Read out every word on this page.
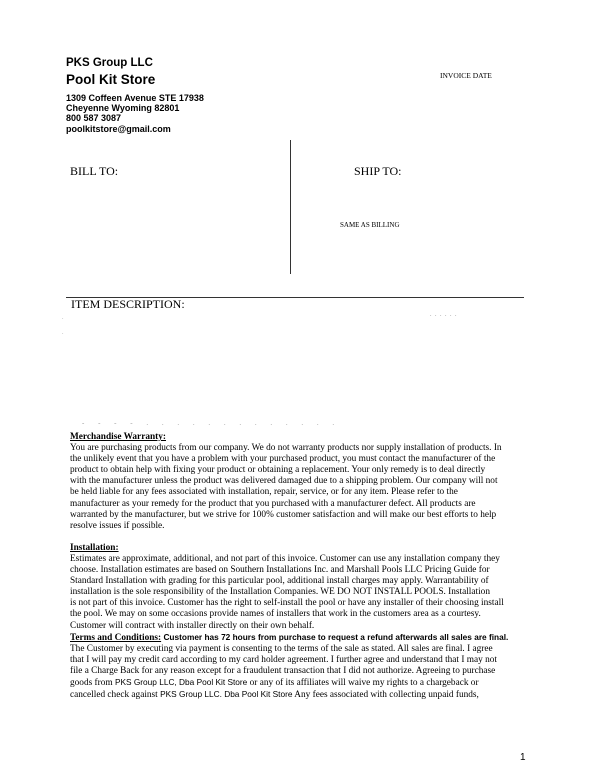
PKS Group LLC
Pool Kit Store
1309 Coffeen Avenue STE 17938
Cheyenne Wyoming 82801
800 587 3087
poolkitstore@gmail.com
INVOICE DATE
BILL TO:	SHIP TO:
SAME AS BILLING
ITEM DESCRIPTION:
. . . . . .
.
.
- - - - . . . . . . . . . . . . .

Merchandise Warranty:

You are purchasing products from our company. We do not warranty products nor supply installation of products. In

the unlikely event that you have a problem with your purchased product, you must contact the manufacturer of the

product to obtain help with fixing your product or obtaining a replacement. Your only remedy is to deal directly

with the manufacturer unless the product was delivered damaged due to a shipping problem. Our company will not

be held liable for any fees associated with installation, repair, service, or for any item. Please refer to the

manufacturer as your remedy for the product that you purchased with a manufacturer defect. All products are

warranted by the manufacturer, but we strive for 100% customer satisfaction and will make our best efforts to help

resolve issues if possible.

Installation:

Estimates are approximate, additional, and not part of this invoice. Customer can use any installation company they

choose. Installation estimates are based on Southern Installations Inc. and Marshall Pools LLC Pricing Guide for

Standard Installation with grading for this particular pool, additional install charges may apply. Warrantability of

installation is the sole responsibility of the Installation Companies. WE DO NOT INSTALL POOLS. Installation

is not part of this invoice. Customer has the right to self-install the pool or have any installer of their choosing install

the pool. We may on some occasions provide names of installers that work in the customers area as a courtesy.

Customer will contract with installer directly on their own behalf.

Terms and Conditions: Customer has 72 hours from purchase to request a refund afterwards all sales are final.

The Customer by executing via payment is consenting to the terms of the sale as stated. All sales are final. I agree

that I will pay my credit card according to my card holder agreement. I further agree and understand that I may not

file a Charge Back for any reason except for a fraudulent transaction that I did not authorize. Agreeing to purchase

goods from PKS Group LLC, Dba Pool Kit Store or any of its affiliates will waive my rights to a chargeback or

cancelled check against PKS Group LLC. Dba Pool Kit Store Any fees associated with collecting unpaid funds,

1
